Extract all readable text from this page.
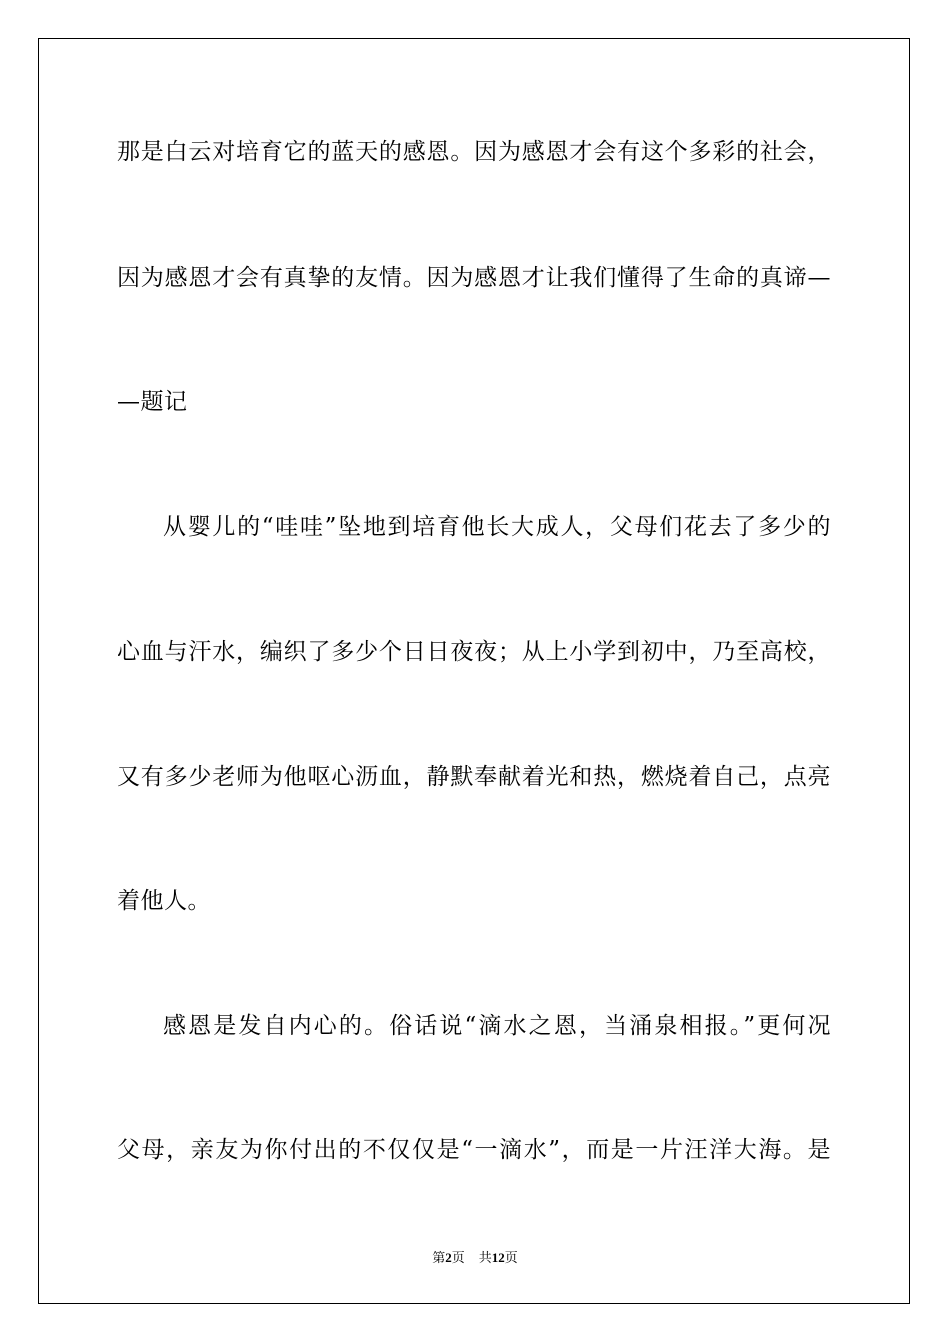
那是白云对培育它的蓝天的感恩。因为感恩才会有这个多彩的社会，
因为感恩才会有真挚的友情。因为感恩才让我们懂得了生命的真谛—
—题记
从婴儿的“哇哇”坠地到培育他长大成人，父母们花去了多少的
心血与汗水，编织了多少个日日夜夜；从上小学到初中，乃至高校，
又有多少老师为他呕心沥血，静默奉献着光和热，燃烧着自己，点亮
着他人。
感恩是发自内心的。俗话说“滴水之恩，当涌泉相报。”更何况
父母，亲友为你付出的不仅仅是“一滴水”，而是一片汪洋大海。是
第2页 共12页
